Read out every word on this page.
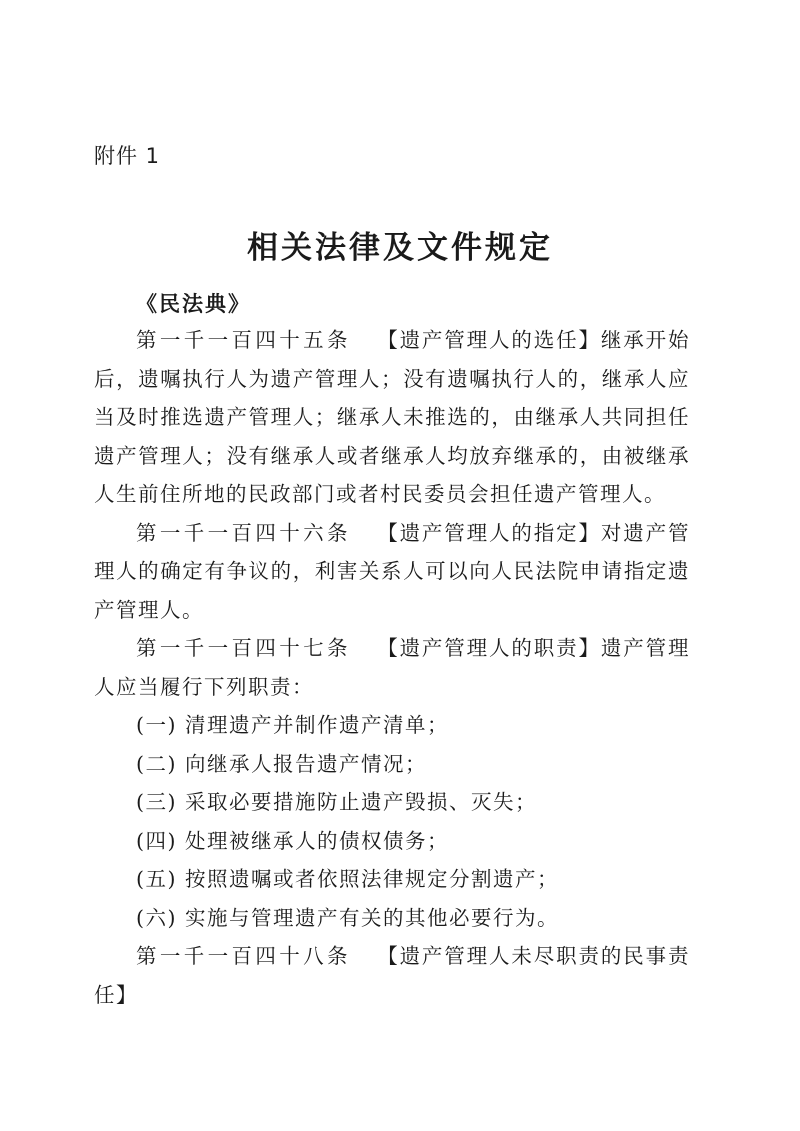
附件 1
相关法律及文件规定
《民法典》

第一千一百四十五条 【遗产管理人的选任】继承开始后，遗嘱执行人为遗产管理人；没有遗嘱执行人的，继承人应当及时推选遗产管理人；继承人未推选的，由继承人共同担任遗产管理人；没有继承人或者继承人均放弃继承的，由被继承人生前住所地的民政部门或者村民委员会担任遗产管理人。

第一千一百四十六条 【遗产管理人的指定】对遗产管理人的确定有争议的，利害关系人可以向人民法院申请指定遗产管理人。

第一千一百四十七条 【遗产管理人的职责】遗产管理人应当履行下列职责：

(一) 清理遗产并制作遗产清单；

(二) 向继承人报告遗产情况；

(三) 采取必要措施防止遗产毁损、灭失；

(四) 处理被继承人的债权债务；

(五) 按照遗嘱或者依照法律规定分割遗产；

(六) 实施与管理遗产有关的其他必要行为。

第一千一百四十八条 【遗产管理人未尽职责的民事责任】
